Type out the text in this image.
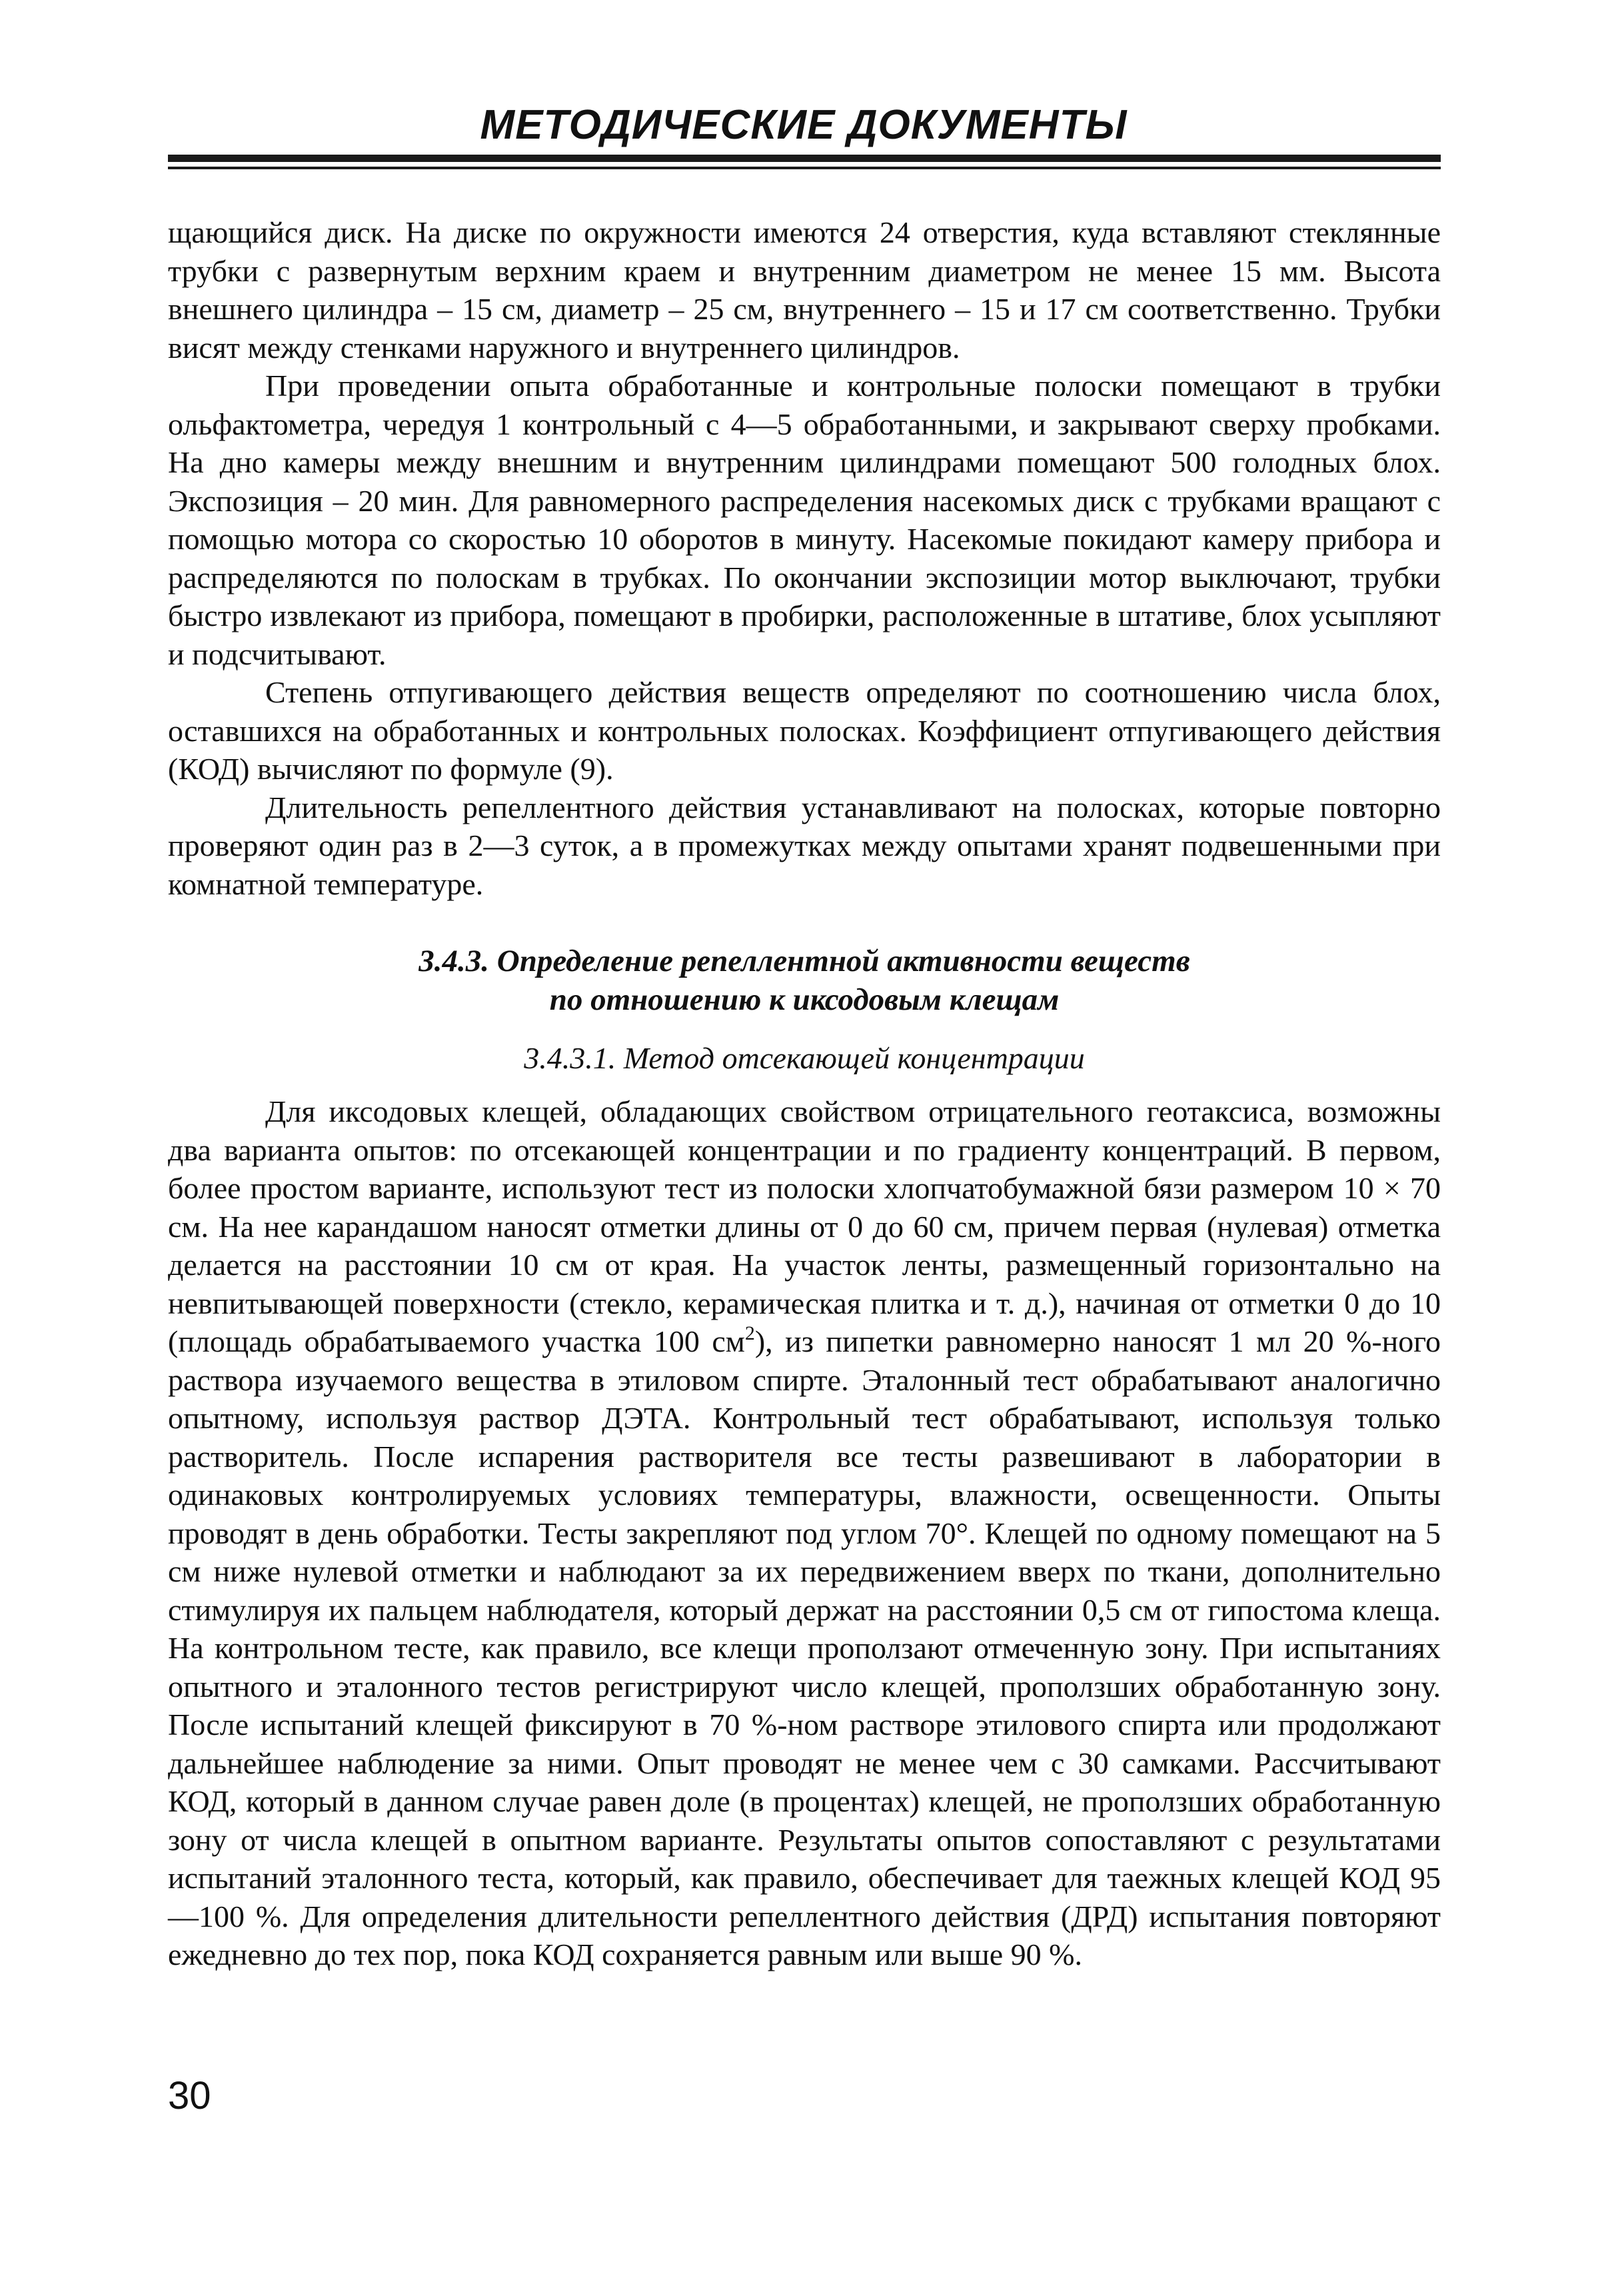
МЕТОДИЧЕСКИЕ ДОКУМЕНТЫ

щающийся диск. На диске по окружности имеются 24 отверстия, куда вставляют стеклянные трубки с развернутым верхним краем и внутренним диаметром не менее 15 мм. Высота внешнего цилиндра – 15 см, диаметр – 25 см, внутреннего – 15 и 17 см соответственно. Трубки висят между стенками наружного и внутреннего цилиндров.

При проведении опыта обработанные и контрольные полоски помещают в трубки ольфактометра, чередуя 1 контрольный с 4—5 обработанными, и закрывают сверху пробками. На дно камеры между внешним и внутренним цилиндрами помещают 500 голодных блох. Экспозиция – 20 мин. Для равномерного распределения насекомых диск с трубками вращают с помощью мотора со скоростью 10 оборотов в минуту. Насекомые покидают камеру прибора и распределяются по полоскам в трубках. По окончании экспозиции мотор выключают, трубки быстро извлекают из прибора, помещают в пробирки, расположенные в штативе, блох усыпляют и подсчитывают.

Степень отпугивающего действия веществ определяют по соотношению числа блох, оставшихся на обработанных и контрольных полосках. Коэффициент отпугивающего действия (КОД) вычисляют по формуле (9).

Длительность репеллентного действия устанавливают на полосках, которые повторно проверяют один раз в 2—3 суток, а в промежутках между опытами хранят подвешенными при комнатной температуре.

3.4.3. Определение репеллентной активности веществ
по отношению к иксодовым клещам
3.4.3.1. Метод отсекающей концентрации

Для иксодовых клещей, обладающих свойством отрицательного геотаксиса, возможны два варианта опытов: по отсекающей концентрации и по градиенту концентраций. В первом, более простом варианте, используют тест из полоски хлопчатобумажной бязи размером 10 × 70 см. На нее карандашом наносят отметки длины от 0 до 60 см, причем первая (нулевая) отметка делается на расстоянии 10 см от края. На участок ленты, размещенный горизонтально на невпитывающей поверхности (стекло, керамическая плитка и т. д.), начиная от отметки 0 до 10 (площадь обрабатываемого участка 100 $см^2$), из пипетки равномерно наносят 1 мл 20 %-ного раствора изучаемого вещества в этиловом спирте. Эталонный тест обрабатывают аналогично опытному, используя раствор ДЭТА. Контрольный тест обрабатывают, используя только растворитель. После испарения растворителя все тесты развешивают в лаборатории в одинаковых контролируемых условиях температуры, влажности, освещенности. Опыты проводят в день обработки. Тесты закрепляют под углом 70°. Клещей по одному помещают на 5 см ниже нулевой отметки и наблюдают за их передвижением вверх по ткани, дополнительно стимулируя их пальцем наблюдателя, который держат на расстоянии 0,5 см от гипостома клеща. На контрольном тесте, как правило, все клещи проползают отмеченную зону. При испытаниях опытного и эталонного тестов регистрируют число клещей, проползших обработанную зону. После испытаний клещей фиксируют в 70 %-ном растворе этилового спирта или продолжают дальнейшее наблюдение за ними. Опыт проводят не менее чем с 30 самками. Рассчитывают КОД, который в данном случае равен доле (в процентах) клещей, не проползших обработанную зону от числа клещей в опытном варианте. Результаты опытов сопоставляют с результатами испытаний эталонного теста, который, как правило, обеспечивает для таежных клещей КОД 95—100 %. Для определения длительности репеллентного действия (ДРД) испытания повторяют ежедневно до тех пор, пока КОД сохраняется равным или выше 90 %.

30
